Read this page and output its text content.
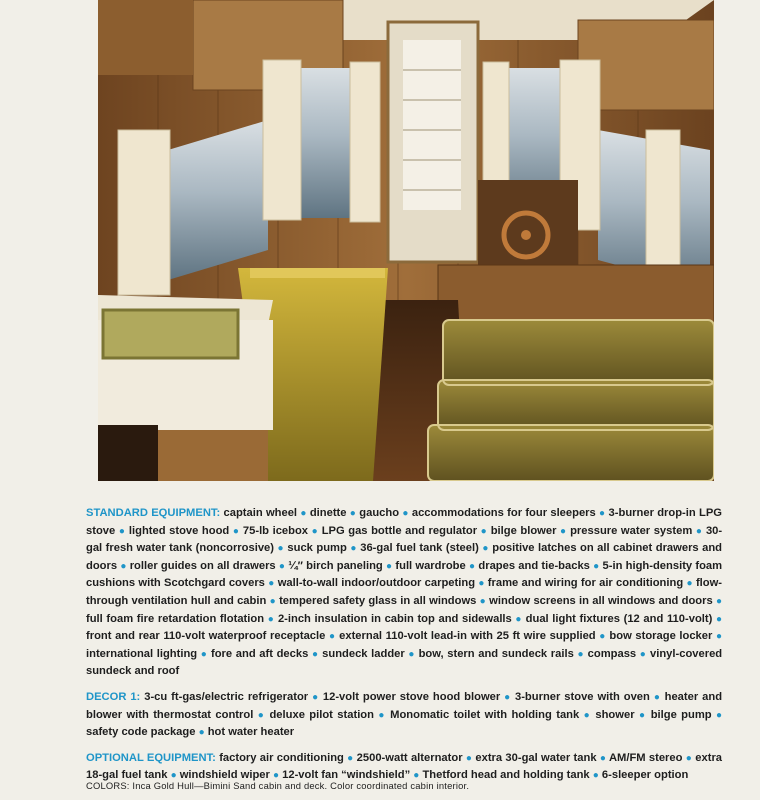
STANDARD EQUIPMENT: captain wheel ● dinette ● gaucho ● accommodations for four sleepers ● 3-burner drop-in LPG stove ● lighted stove hood ● 75-lb icebox ● LPG gas bottle and regulator ● bilge blower ● pressure water system ● 30-gal fresh water tank (noncorrosive) ● suck pump ● 36-gal fuel tank (steel) ● positive latches on all cabinet drawers and doors ● roller guides on all drawers ● ¼′′ birch paneling ● full wardrobe ● drapes and tie-backs ● 5-in high-density foam cushions with Scotchgard covers ● wall-to-wall indoor/outdoor carpeting ● frame and wiring for air conditioning ● flow-through ventilation hull and cabin ● tempered safety glass in all windows ● window screens in all windows and doors ● full foam fire retardation flotation ● 2-inch insulation in cabin top and sidewalls ● dual light fixtures (12 and 110-volt) ● front and rear 110-volt waterproof receptacle ● external 110-volt lead-in with 25 ft wire supplied ● bow storage locker ● international lighting ● fore and aft decks ● sundeck ladder ● bow, stern and sundeck rails ● compass ● vinyl-covered sundeck and roof

DECOR 1: 3-cu ft-gas/electric refrigerator ● 12-volt power stove hood blower ● 3-burner stove with oven ● heater and blower with thermostat control ● deluxe pilot station ● Monomatic toilet with holding tank ● shower ● bilge pump ● safety code package ● hot water heater

OPTIONAL EQUIPMENT: factory air conditioning ● 2500-watt alternator ● extra 30-gal water tank ● AM/FM stereo ● extra 18-gal fuel tank ● windshield wiper ● 12-volt fan “windshield” ● Thetford head and holding tank ● 6-sleeper option

COLORS: Inca Gold Hull—Bimini Sand cabin and deck. Color coordinated cabin interior.
